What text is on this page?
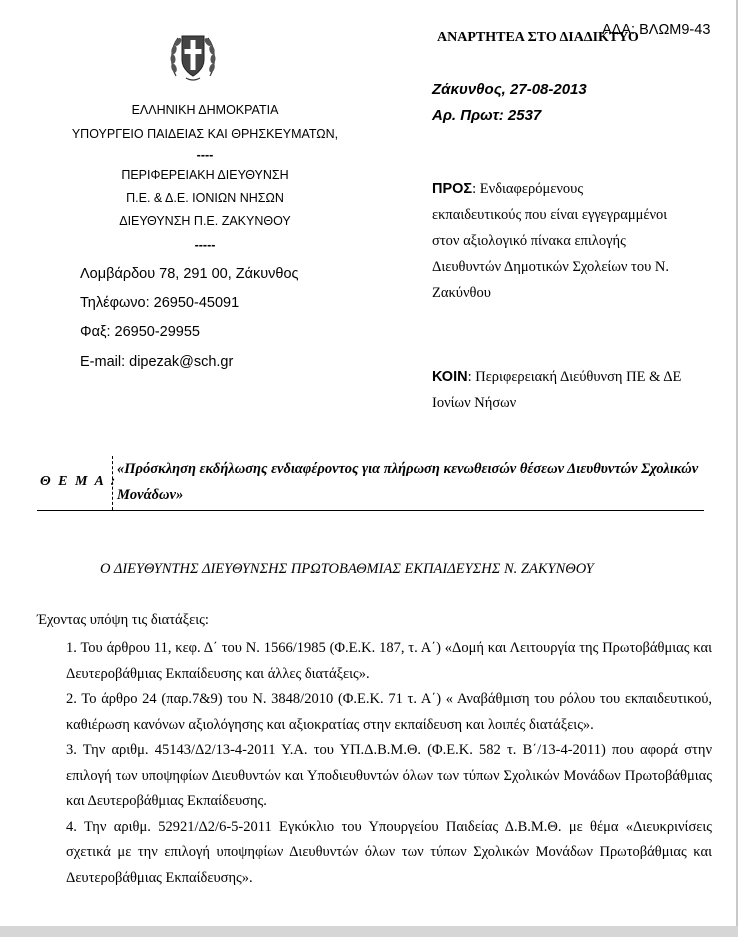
ΕΛΛΗΝΙΚΗ ΔΗΜΟΚΡΑΤΙΑ
ΥΠΟΥΡΓΕΙΟ ΠΑΙΔΕΙΑΣ ΚΑΙ ΘΡΗΣΚΕΥΜΑΤΩΝ,
----
ΠΕΡΙΦΕΡΕΙΑΚΗ ΔΙΕΥΘΥΝΣΗ
Π.Ε. & Δ.Ε. ΙΟΝΙΩΝ ΝΗΣΩΝ
ΔΙΕΥΘΥΝΣΗ Π.Ε. ΖΑΚΥΝΘΟΥ
-----
Λομβάρδου 78, 291 00, Ζάκυνθος
Τηλέφωνο: 26950-45091
Φαξ: 26950-29955
E-mail: dipezak@sch.gr
ΑΝΑΡΤΗΤΕΑ ΣΤΟ ΔΙΑΔΙΚΤΥΟ
ΑΔΑ: ΒΛΩΜ9-43
Ζάκυνθος, 27-08-2013
Αρ. Πρωτ: 2537
ΠΡΟΣ: Ενδιαφερόμενους εκπαιδευτικούς που είναι εγγεγραμμένοι στον αξιολογικό πίνακα επιλογής Διευθυντών Δημοτικών Σχολείων του Ν. Ζακύνθου
ΚΟΙΝ: Περιφερειακή Διεύθυνση ΠΕ & ΔΕ Ιονίων Νήσων
Θ Ε Μ Α :
«Πρόσκληση εκδήλωσης ενδιαφέροντος για πλήρωση κενωθεισών θέσεων Διευθυντών Σχολικών Μονάδων»
Ο ΔΙΕΥΘΥΝΤΗΣ ΔΙΕΥΘΥΝΣΗΣ ΠΡΩΤΟΒΑΘΜΙΑΣ ΕΚΠΑΙΔΕΥΣΗΣ Ν. ΖΑΚΥΝΘΟΥ
Έχοντας υπόψη τις διατάξεις:

1. Του άρθρου 11, κεφ. Δ΄ του Ν. 1566/1985 (Φ.Ε.Κ. 187, τ. Α΄) «Δομή και Λειτουργία της Πρωτοβάθμιας και Δευτεροβάθμιας Εκπαίδευσης και άλλες διατάξεις».

2. Το άρθρο 24 (παρ.7&9) του Ν. 3848/2010 (Φ.Ε.Κ. 71 τ. Α΄) « Αναβάθμιση του ρόλου του εκπαιδευτικού, καθιέρωση κανόνων αξιολόγησης και αξιοκρατίας στην εκπαίδευση και λοιπές διατάξεις».

3. Την αριθμ. 45143/Δ2/13-4-2011 Υ.Α. του ΥΠ.Δ.Β.Μ.Θ. (Φ.Ε.Κ. 582 τ. Β΄/13-4-2011) που αφορά στην επιλογή των υποψηφίων Διευθυντών και Υποδιευθυντών όλων των τύπων Σχολικών Μονάδων Πρωτοβάθμιας και Δευτεροβάθμιας Εκπαίδευσης.

4. Την αριθμ. 52921/Δ2/6-5-2011 Εγκύκλιο του Υπουργείου Παιδείας Δ.Β.Μ.Θ. με θέμα «Διευκρινίσεις σχετικά με την επιλογή υποψηφίων Διευθυντών όλων των τύπων Σχολικών Μονάδων Πρωτοβάθμιας και Δευτεροβάθμιας Εκπαίδευσης».
